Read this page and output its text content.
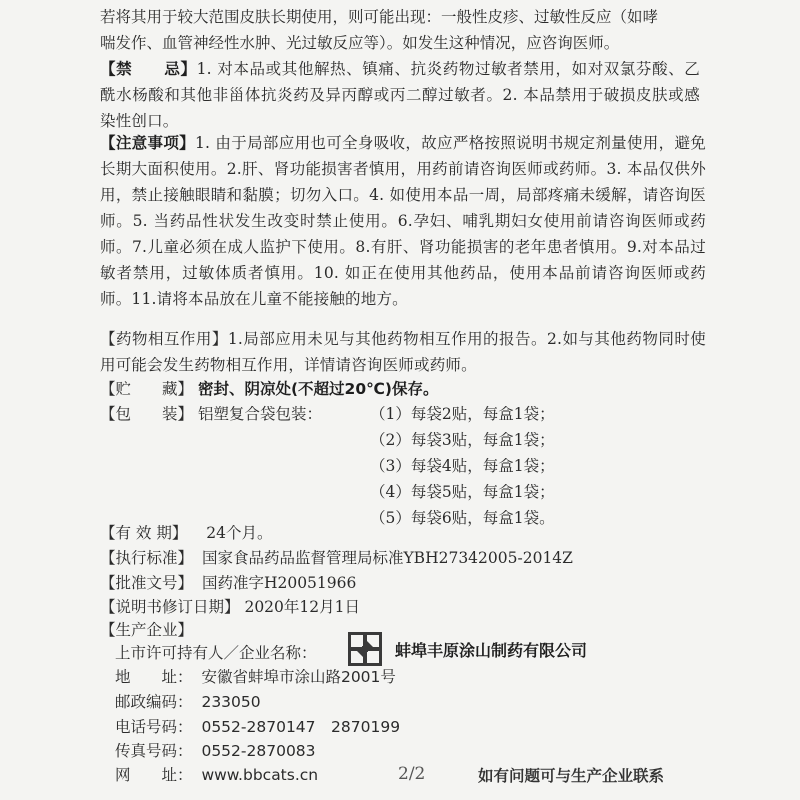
若将其用于较大范围皮肤长期使用，则可能出现：一般性皮疹、过敏性反应（如哮
喘发作、血管神经性水肿、光过敏反应等）。如发生这种情况，应咨询医师。
【禁　　忌】1. 对本品或其他解热、镇痛、抗炎药物过敏者禁用，如对双氯芬酸、乙酰水杨酸和其他非甾体抗炎药及异丙醇或丙二醇过敏者。2. 本品禁用于破损皮肤或感染性创口。
【注意事项】1. 由于局部应用也可全身吸收，故应严格按照说明书规定剂量使用，避免长期大面积使用。2.肝、肾功能损害者慎用，用药前请咨询医师或药师。3. 本品仅供外用，禁止接触眼睛和黏膜；切勿入口。4. 如使用本品一周，局部疼痛未缓解，请咨询医师。5. 当药品性状发生改变时禁止使用。6.孕妇、哺乳期妇女使用前请咨询医师或药师。7.儿童必须在成人监护下使用。8.有肝、肾功能损害的老年患者慎用。9.对本品过敏者禁用，过敏体质者慎用。10. 如正在使用其他药品，使用本品前请咨询医师或药师。11.请将本品放在儿童不能接触的地方。
【药物相互作用】1.局部应用未见与其他药物相互作用的报告。2.如与其他药物同时使用可能会发生药物相互作用，详情请咨询医师或药师。
【贮　　藏】 密封、阴凉处(不超过20℃)保存。
【包　　装】 铝塑复合袋包装：	（1）每袋2贴，每盒1袋；
（2）每袋3贴，每盒1袋；
（3）每袋4贴，每盒1袋；
（4）每袋5贴，每盒1袋；
（5）每袋6贴，每盒1袋。
【有 效 期】 24个月。
【执行标准】 国家食品药品监督管理局标准YBH27342005-2014Z
【批准文号】 国药准字H20051966
【说明书修订日期】 2020年12月1日
【生产企业】
上市许可持有人／企业名称：	蚌埠丰原涂山制药有限公司
地　　址： 安徽省蚌埠市涂山路2001号
邮政编码： 233050
电话号码： 0552-2870147　2870199
传真号码： 0552-2870083
网　　址： www.bbcats.cn	2/2	如有问题可与生产企业联系
